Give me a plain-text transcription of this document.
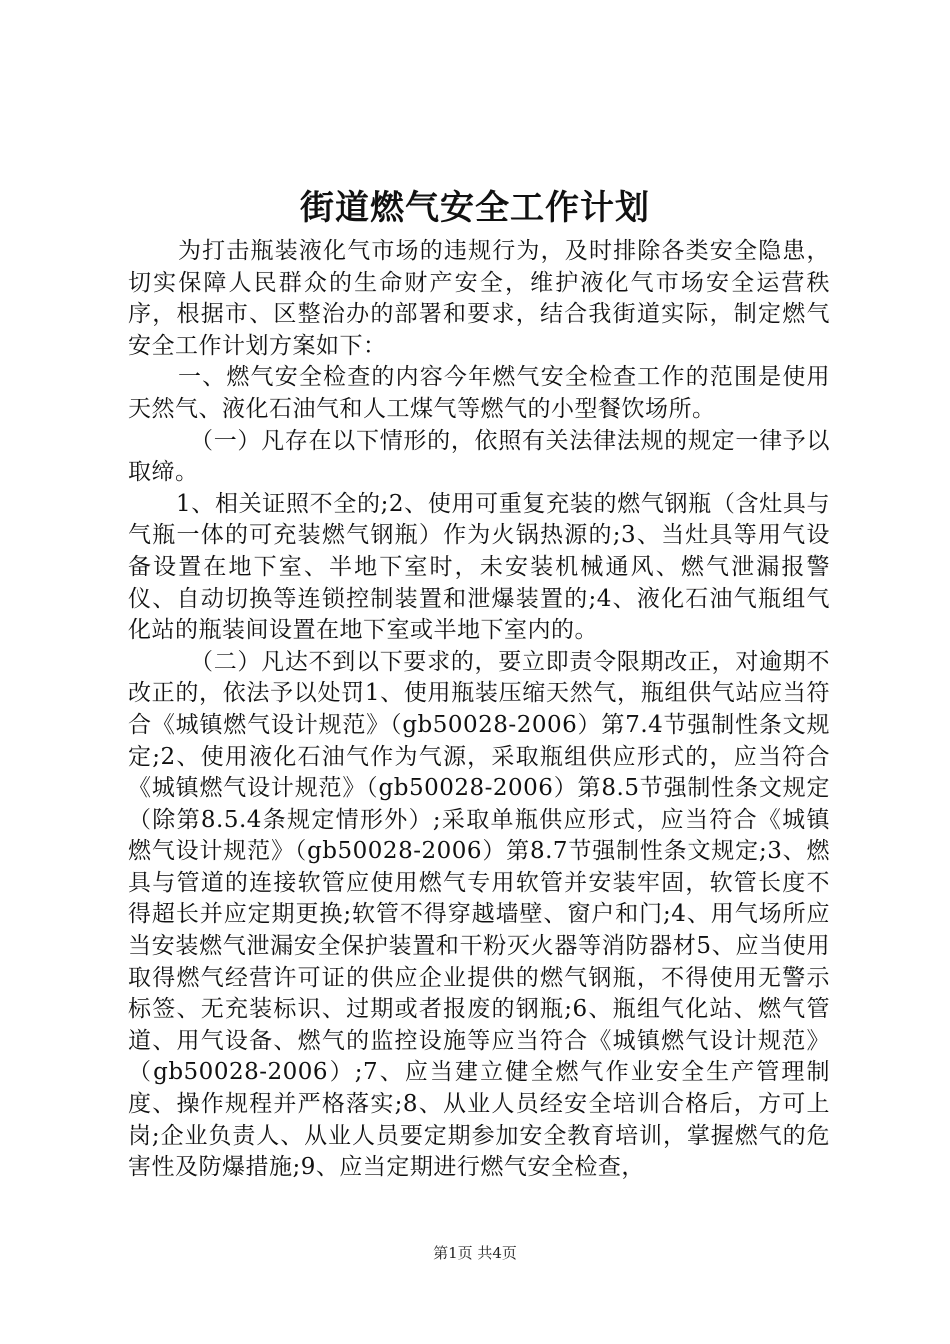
街道燃气安全工作计划

为打击瓶装液化气市场的违规行为，及时排除各类安全隐患，切实保障人民群众的生命财产安全，维护液化气市场安全运营秩序，根据市、区整治办的部署和要求，结合我街道实际，制定燃气安全工作计划方案如下：

一、燃气安全检查的内容今年燃气安全检查工作的范围是使用天然气、液化石油气和人工煤气等燃气的小型餐饮场所。

（一）凡存在以下情形的，依照有关法律法规的规定一律予以取缔。

1、相关证照不全的;2、使用可重复充装的燃气钢瓶（含灶具与气瓶一体的可充装燃气钢瓶）作为火锅热源的;3、当灶具等用气设备设置在地下室、半地下室时，未安装机械通风、燃气泄漏报警仪、自动切换等连锁控制装置和泄爆装置的;4、液化石油气瓶组气化站的瓶装间设置在地下室或半地下室内的。

（二）凡达不到以下要求的，要立即责令限期改正，对逾期不改正的，依法予以处罚1、使用瓶装压缩天然气，瓶组供气站应当符合《城镇燃气设计规范》（gb50028-2006）第7.4节强制性条文规定;2、使用液化石油气作为气源，采取瓶组供应形式的，应当符合《城镇燃气设计规范》（gb50028-2006）第8.5节强制性条文规定（除第8.5.4条规定情形外）;采取单瓶供应形式，应当符合《城镇燃气设计规范》（gb50028-2006）第8.7节强制性条文规定;3、燃具与管道的连接软管应使用燃气专用软管并安装牢固，软管长度不得超长并应定期更换;软管不得穿越墙壁、窗户和门;4、用气场所应当安装燃气泄漏安全保护装置和干粉灭火器等消防器材5、应当使用取得燃气经营许可证的供应企业提供的燃气钢瓶，不得使用无警示标签、无充装标识、过期或者报废的钢瓶;6、瓶组气化站、燃气管道、用气设备、燃气的监控设施等应当符合《城镇燃气设计规范》（gb50028-2006）;7、应当建立健全燃气作业安全生产管理制度、操作规程并严格落实;8、从业人员经安全培训合格后，方可上岗;企业负责人、从业人员要定期参加安全教育培训，掌握燃气的危害性及防爆措施;9、应当定期进行燃气安全检查，

第1页 共4页
